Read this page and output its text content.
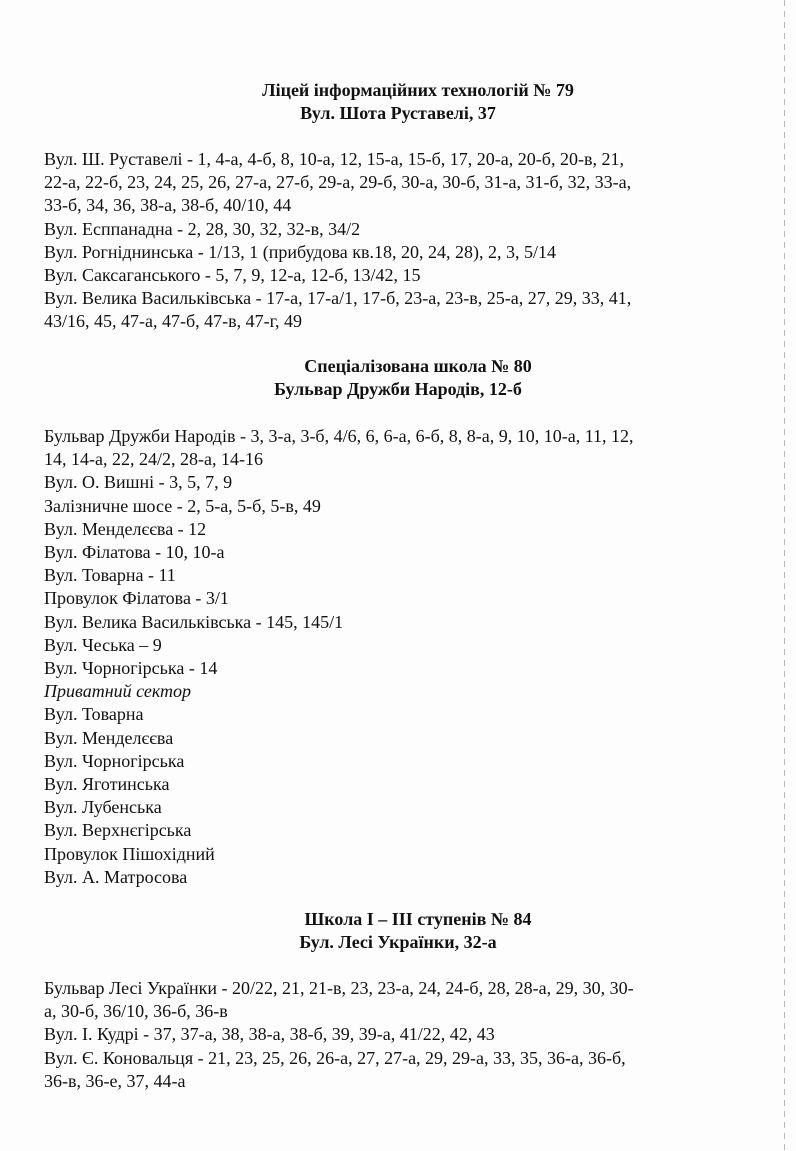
Ліцей інформаційних технологій № 79
Вул. Шота Руставелі, 37
Вул. Ш. Руставелі - 1, 4-а, 4-б, 8, 10-а, 12, 15-а, 15-б, 17, 20-а, 20-б, 20-в, 21,
22-а, 22-б, 23, 24, 25, 26, 27-а, 27-б, 29-а, 29-б, 30-а, 30-б, 31-а, 31-б, 32, 33-а,
33-б, 34, 36, 38-а, 38-б, 40/10, 44
Вул. Есппанадна - 2, 28, 30, 32, 32-в, 34/2
Вул. Рогніднинська - 1/13, 1 (прибудова кв.18, 20, 24, 28), 2, 3, 5/14
Вул. Саксаганського - 5, 7, 9, 12-а, 12-б, 13/42, 15
Вул. Велика Васильківська - 17-а, 17-а/1, 17-б, 23-а, 23-в, 25-а, 27, 29, 33, 41,
43/16, 45, 47-а, 47-б, 47-в, 47-г, 49
Спеціалізована школа № 80
Бульвар Дружби Народів, 12-б
Бульвар Дружби Народів - 3, 3-а, 3-б, 4/6, 6, 6-а, 6-б, 8, 8-а, 9, 10, 10-а, 11, 12,
14, 14-а, 22, 24/2, 28-а, 14-16
Вул. О. Вишні - 3, 5, 7, 9
Залізничне шосе - 2, 5-а, 5-б, 5-в, 49
Вул. Менделєєва - 12
Вул. Філатова - 10, 10-а
Вул. Товарна - 11
Провулок Філатова - 3/1
Вул. Велика Васильківська - 145, 145/1
Вул. Чеська – 9
Вул. Чорногірська - 14
Приватний сектор
Вул. Товарна
Вул. Менделєєва
Вул. Чорногірська
Вул. Яготинська
Вул. Лубенська
Вул. Верхнєгірська
Провулок Пішохідний
Вул. А. Матросова
Школа І – ІІІ ступенів № 84
Бул. Лесі Українки, 32-а
Бульвар Лесі Українки - 20/22, 21, 21-в, 23, 23-а, 24, 24-б, 28, 28-а, 29, 30, 30-
а, 30-б, 36/10, 36-б, 36-в
Вул. І. Кудрі - 37, 37-а, 38, 38-а, 38-б, 39, 39-а, 41/22, 42, 43
Вул. Є. Коновальця - 21, 23, 25, 26, 26-а, 27, 27-а, 29, 29-а, 33, 35, 36-а, 36-б,
36-в, 36-е, 37, 44-а
